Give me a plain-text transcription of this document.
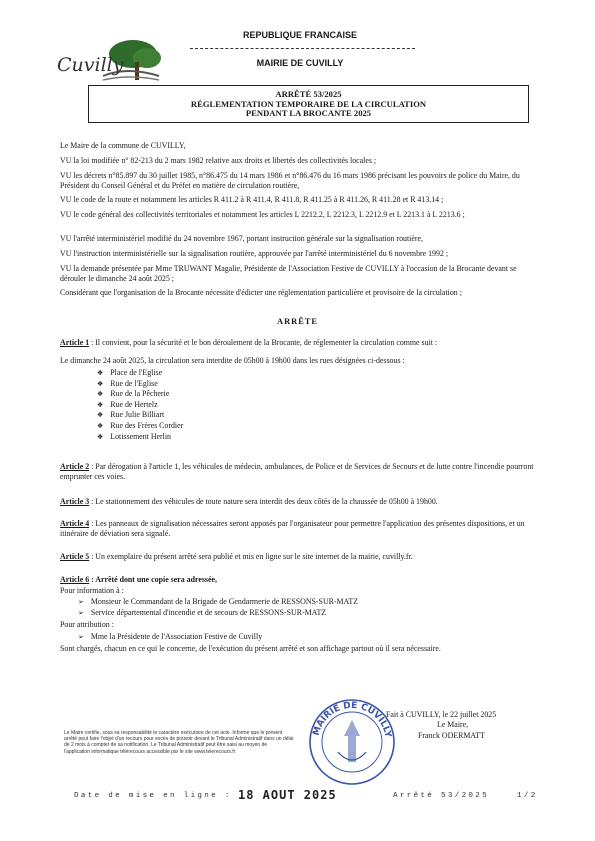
Cuvilly
REPUBLIQUE FRANCAISE
MAIRIE DE CUVILLY
ARRÊTÉ 53/2025
RÉGLEMENTATION TEMPORAIRE DE LA CIRCULATION
PENDANT LA BROCANTE 2025
Le Maire de la commune de CUVILLY,
VU la loi modifiée n° 82-213 du 2 mars 1982 relative aux droits et libertés des collectivités locales ;
VU les décrets n°85.897 du 30 juillet 1985, n°86.475 du 14 mars 1986 et n°86.476 du 16 mars 1986 précisant les pouvoirs de police du Maire, du Président du Conseil Général et du Préfet en matière de circulation routière,
VU le code de la route et notamment les articles R 411.2 à R 411.4, R 411.8, R 411.25 à R 411.26, R 411.28 et R 413.14 ;
VU le code général des collectivités territoriales et notamment les articles L 2212.2, L 2212.3, L 2212.9 et L 2213.1 à L 2213.6 ;
VU l'arrêté interministériel modifié du 24 novembre 1967, portant instruction générale sur la signalisation routière,
VU l'instruction interministérielle sur la signalisation routière, approuvée par l'arrêté interministériel du 6 novembre 1992 ;
VU la demande présentée par Mme TRUWANT Magalie, Présidente de l'Association Festive de CUVILLY à l'occasion de la Brocante devant se dérouler le dimanche 24 août 2025 ;
Considérant que l'organisation de la Brocante nécessite d'édicter une réglementation particulière et provisoire de la circulation ;
ARRÊTE
Article 1 : Il convient, pour la sécurité et le bon déroulement de la Brocante, de réglementer la circulation comme suit :
Le dimanche 24 août 2025, la circulation sera interdite de 05h00 à 19h00 dans les rues désignées ci-dessous :
❖ Place de l'Eglise
❖ Rue de l'Eglise
❖ Rue de la Pêcherie
❖ Rue de Hertelz
❖ Rue Julie Billiart
❖ Rue des Frères Cordier
❖ Lotissement Herlin
Article 2 : Par dérogation à l'article 1, les véhicules de médecin, ambulances, de Police et de Services de Secours et de lutte contre l'incendie pourront emprunter ces voies.
Article 3 : Le stationnement des véhicules de toute nature sera interdit des deux côtés de la chaussée de 05h00 à 19h00.
Article 4 : Les panneaux de signalisation nécessaires seront apposés par l'organisateur pour permettre l'application des présentes dispositions, et un itinéraire de déviation sera signalé.
Article 5 : Un exemplaire du présent arrêté sera publié et mis en ligne sur le site internet de la mairie, cuvilly.fr.
Article 6 : Arrêté dont une copie sera adressée,
Pour information à :
➢ Monsieur le Commandant de la Brigade de Gendarmerie de RESSONS-SUR-MATZ
➢ Service départemental d'incendie et de secours de RESSONS-SUR-MATZ
Pour attribution :
➢ Mme la Présidente de l'Association Festive de Cuvilly
Sont chargés, chacun en ce qui le concerne, de l'exécution du présent arrêté et son affichage partout où il sera nécessaire.
MAIRIE DE CUVILLY
Fait à CUVILLY, le 22 juillet 2025
Le Maire,
Franck ODERMATT
Le Maire certifie, sous sa responsabilité le caractère exécutoire de cet acte. Informe que le présent arrêté peut faire l'objet d'un recours pour excès de pouvoir devant le Tribunal Administratif dans un délai de 2 mois à compter de sa notification. Le Tribunal Administratif peut être saisi au moyen de l'application informatique télérecours accessible par le site www.telerecours.fr
Date de mise en ligne : 18 AOUT 2025	Arrêté 53/2025	1/2
